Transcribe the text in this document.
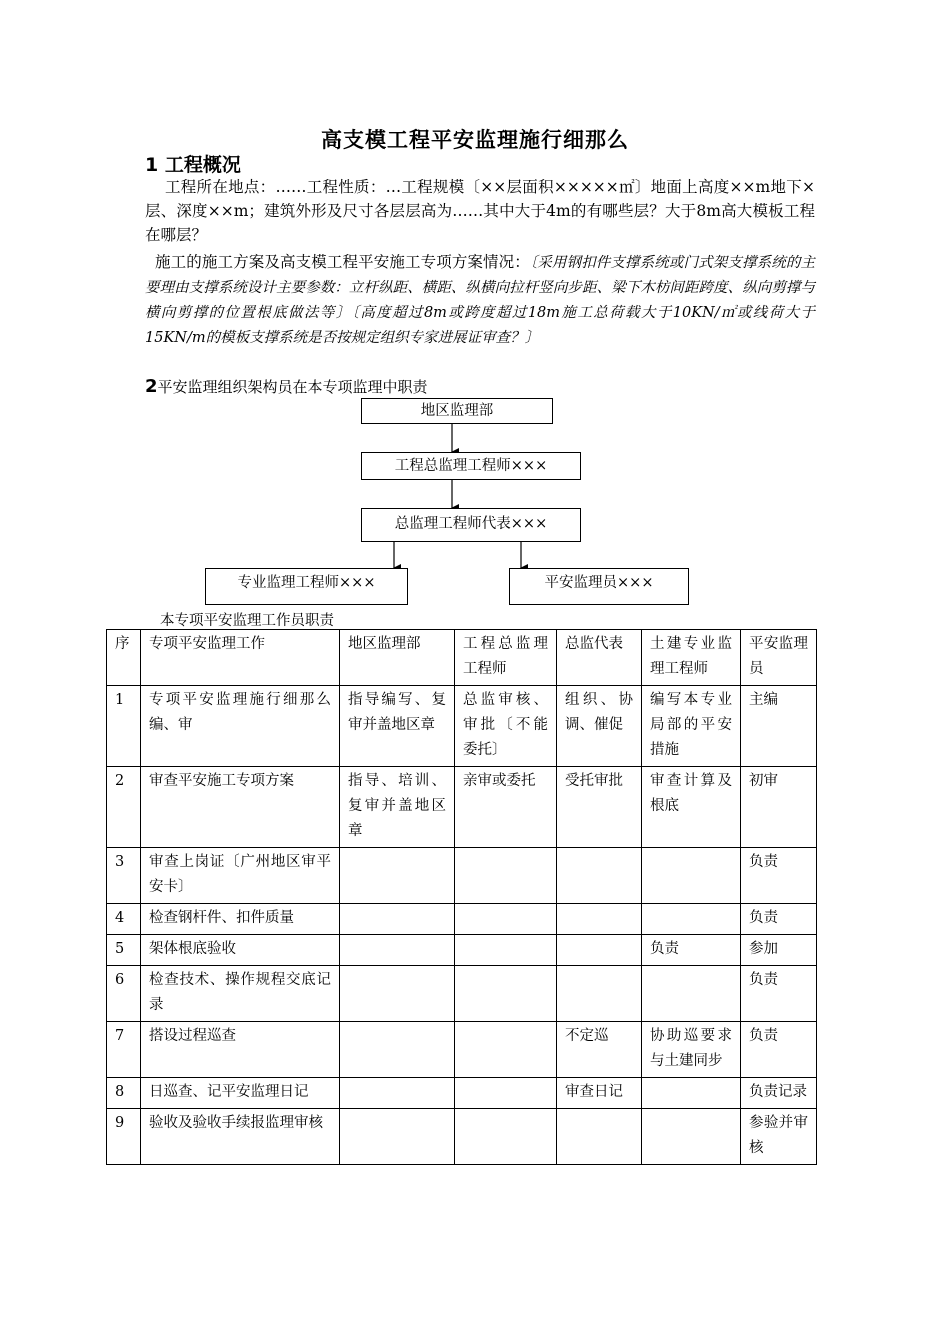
高支模工程平安监理施行细那么
1 工程概况
工程所在地点：……工程性质：…工程规模〔××层面积×××××㎡〕地面上高度××m地下×层、深度××m；建筑外形及尺寸各层层高为……其中大于4m的有哪些层？大于8m高大模板工程在哪层？
施工的施工方案及高支模工程平安施工专项方案情况：〔采用钢扣件支撑系统或门式架支撑系统的主要理由支撑系统设计主要参数：立杆纵距、横距、纵横向拉杆竖向步距、梁下木枋间距跨度、纵向剪撑与横向剪撑的位置根底做法等〕〔高度超过8m或跨度超过18m施工总荷载大于10KN/㎡或线荷大于15KN/m的模板支撑系统是否按规定组织专家进展证审查？〕
2平安监理组织架构员在本专项监理中职责
地区监理部
工程总监理工程师×××
总监理工程师代表×××
专业监理工程师×××	平安监理员×××
本专项平安监理工作员职责
序	专项平安监理工作	地区监理部	工程总监理工程师	总监代表	土建专业监理工程师	平安监理员
1	专项平安监理施行细那么编、审	指导编写、复审并盖地区章	总监审核、审批〔不能委托〕	组织、协调、催促	编写本专业局部的平安措施	主编
2	审查平安施工专项方案	指导、培训、复审并盖地区章	亲审或委托	受托审批	审查计算及根底	初审
3	审查上岗证〔广州地区审平安卡〕					负责
4	检查钢杆件、扣件质量					负责
5	架体根底验收				负责	参加
6	检查技术、操作规程交底记录					负责
7	搭设过程巡查			不定巡	协助巡要求与土建同步	负责
8	日巡查、记平安监理日记			审查日记		负责记录
9	验收及验收手续报监理审核					参验并审核
